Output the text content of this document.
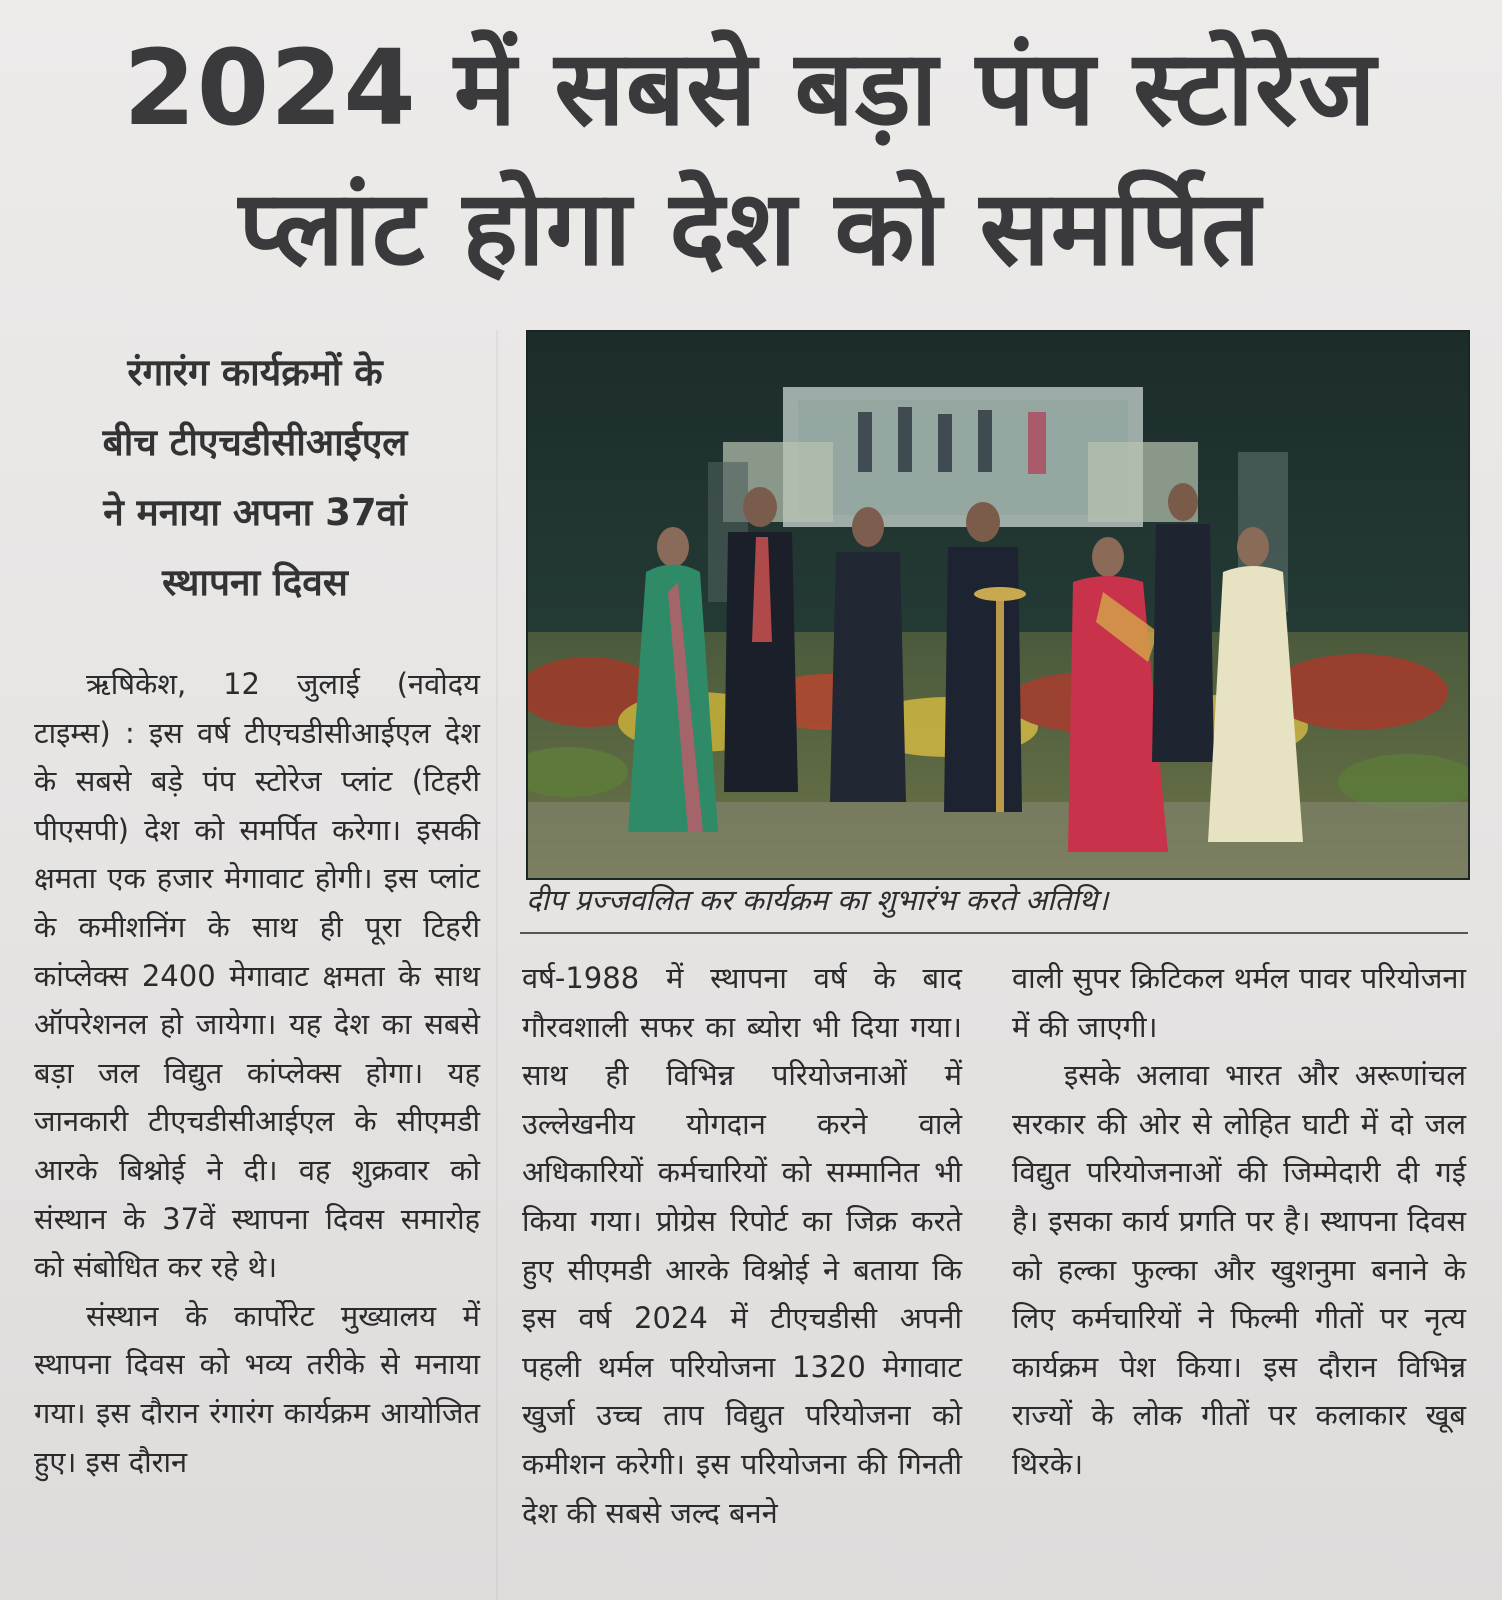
2024 में सबसे बड़ा पंप स्टोरेज
प्लांट होगा देश को समर्पित
रंगारंग कार्यक्रमों के
बीच टीएचडीसीआईएल
ने मनाया अपना 37वां
स्थापना दिवस
दीप प्रज्जवलित कर कार्यक्रम का शुभारंभ करते अतिथि।

ऋषिकेश, 12 जुलाई (नवोदय टाइम्स) : इस वर्ष टीएचडीसीआईएल देश के सबसे बड़े पंप स्टोरेज प्लांट (टिहरी पीएसपी) देश को समर्पित करेगा। इसकी क्षमता एक हजार मेगावाट होगी। इस प्लांट के कमीशनिंग के साथ ही पूरा टिहरी कांप्लेक्स 2400 मेगावाट क्षमता के साथ ऑपरेशनल हो जायेगा। यह देश का सबसे बड़ा जल विद्युत कांप्लेक्स होगा। यह जानकारी टीएचडीसीआईएल के सीएमडी आरके बिश्नोई ने दी। वह शुक्रवार को संस्थान के 37वें स्थापना दिवस समारोह को संबोधित कर रहे थे।

संस्थान के कार्पोरेट मुख्यालय में स्थापना दिवस को भव्य तरीके से मनाया गया। इस दौरान रंगारंग कार्यक्रम आयोजित हुए। इस दौरान

वर्ष-1988 में स्थापना वर्ष के बाद गौरवशाली सफर का ब्योरा भी दिया गया। साथ ही विभिन्न परियोजनाओं में उल्लेखनीय योगदान करने वाले अधिकारियों कर्मचारियों को सम्मानित भी किया गया। प्रोग्रेस रिपोर्ट का जिक्र करते हुए सीएमडी आरके विश्नोई ने बताया कि इस वर्ष 2024 में टीएचडीसी अपनी पहली थर्मल परियोजना 1320 मेगावाट खुर्जा उच्च ताप विद्युत परियोजना को कमीशन करेगी। इस परियोजना की गिनती देश की सबसे जल्द बनने

वाली सुपर क्रिटिकल थर्मल पावर परियोजना में की जाएगी।

इसके अलावा भारत और अरूणांचल सरकार की ओर से लोहित घाटी में दो जल विद्युत परियोजनाओं की जिम्मेदारी दी गई है। इसका कार्य प्रगति पर है। स्थापना दिवस को हल्का फुल्का और खुशनुमा बनाने के लिए कर्मचारियों ने फिल्मी गीतों पर नृत्य कार्यक्रम पेश किया। इस दौरान विभिन्न राज्यों के लोक गीतों पर कलाकार खूब थिरके।
